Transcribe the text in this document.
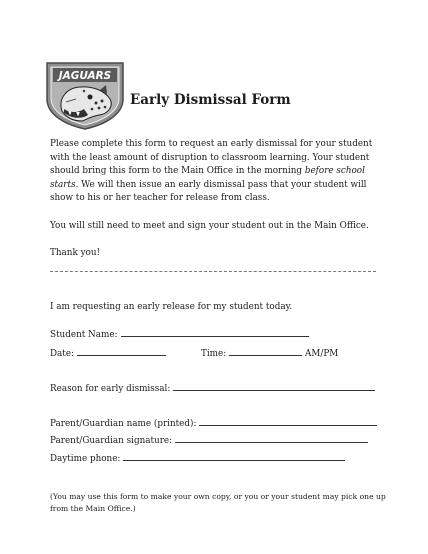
JAGUARS
Early Dismissal Form
Please complete this form to request an early dismissal for your student
with the least amount of disruption to classroom learning. Your student
should bring this form to the Main Office in the morning before school
starts. We will then issue an early dismissal pass that your student will
show to his or her teacher for release from class.
You will still need to meet and sign your student out in the Main Office.
Thank you!
I am requesting an early release for my student today.
Student Name:
Date:	Time:	AM/PM
Reason for early dismissal:
Parent/Guardian name (printed):
Parent/Guardian signature:
Daytime phone:
(You may use this form to make your own copy, or you or your student may pick one up
from the Main Office.)
